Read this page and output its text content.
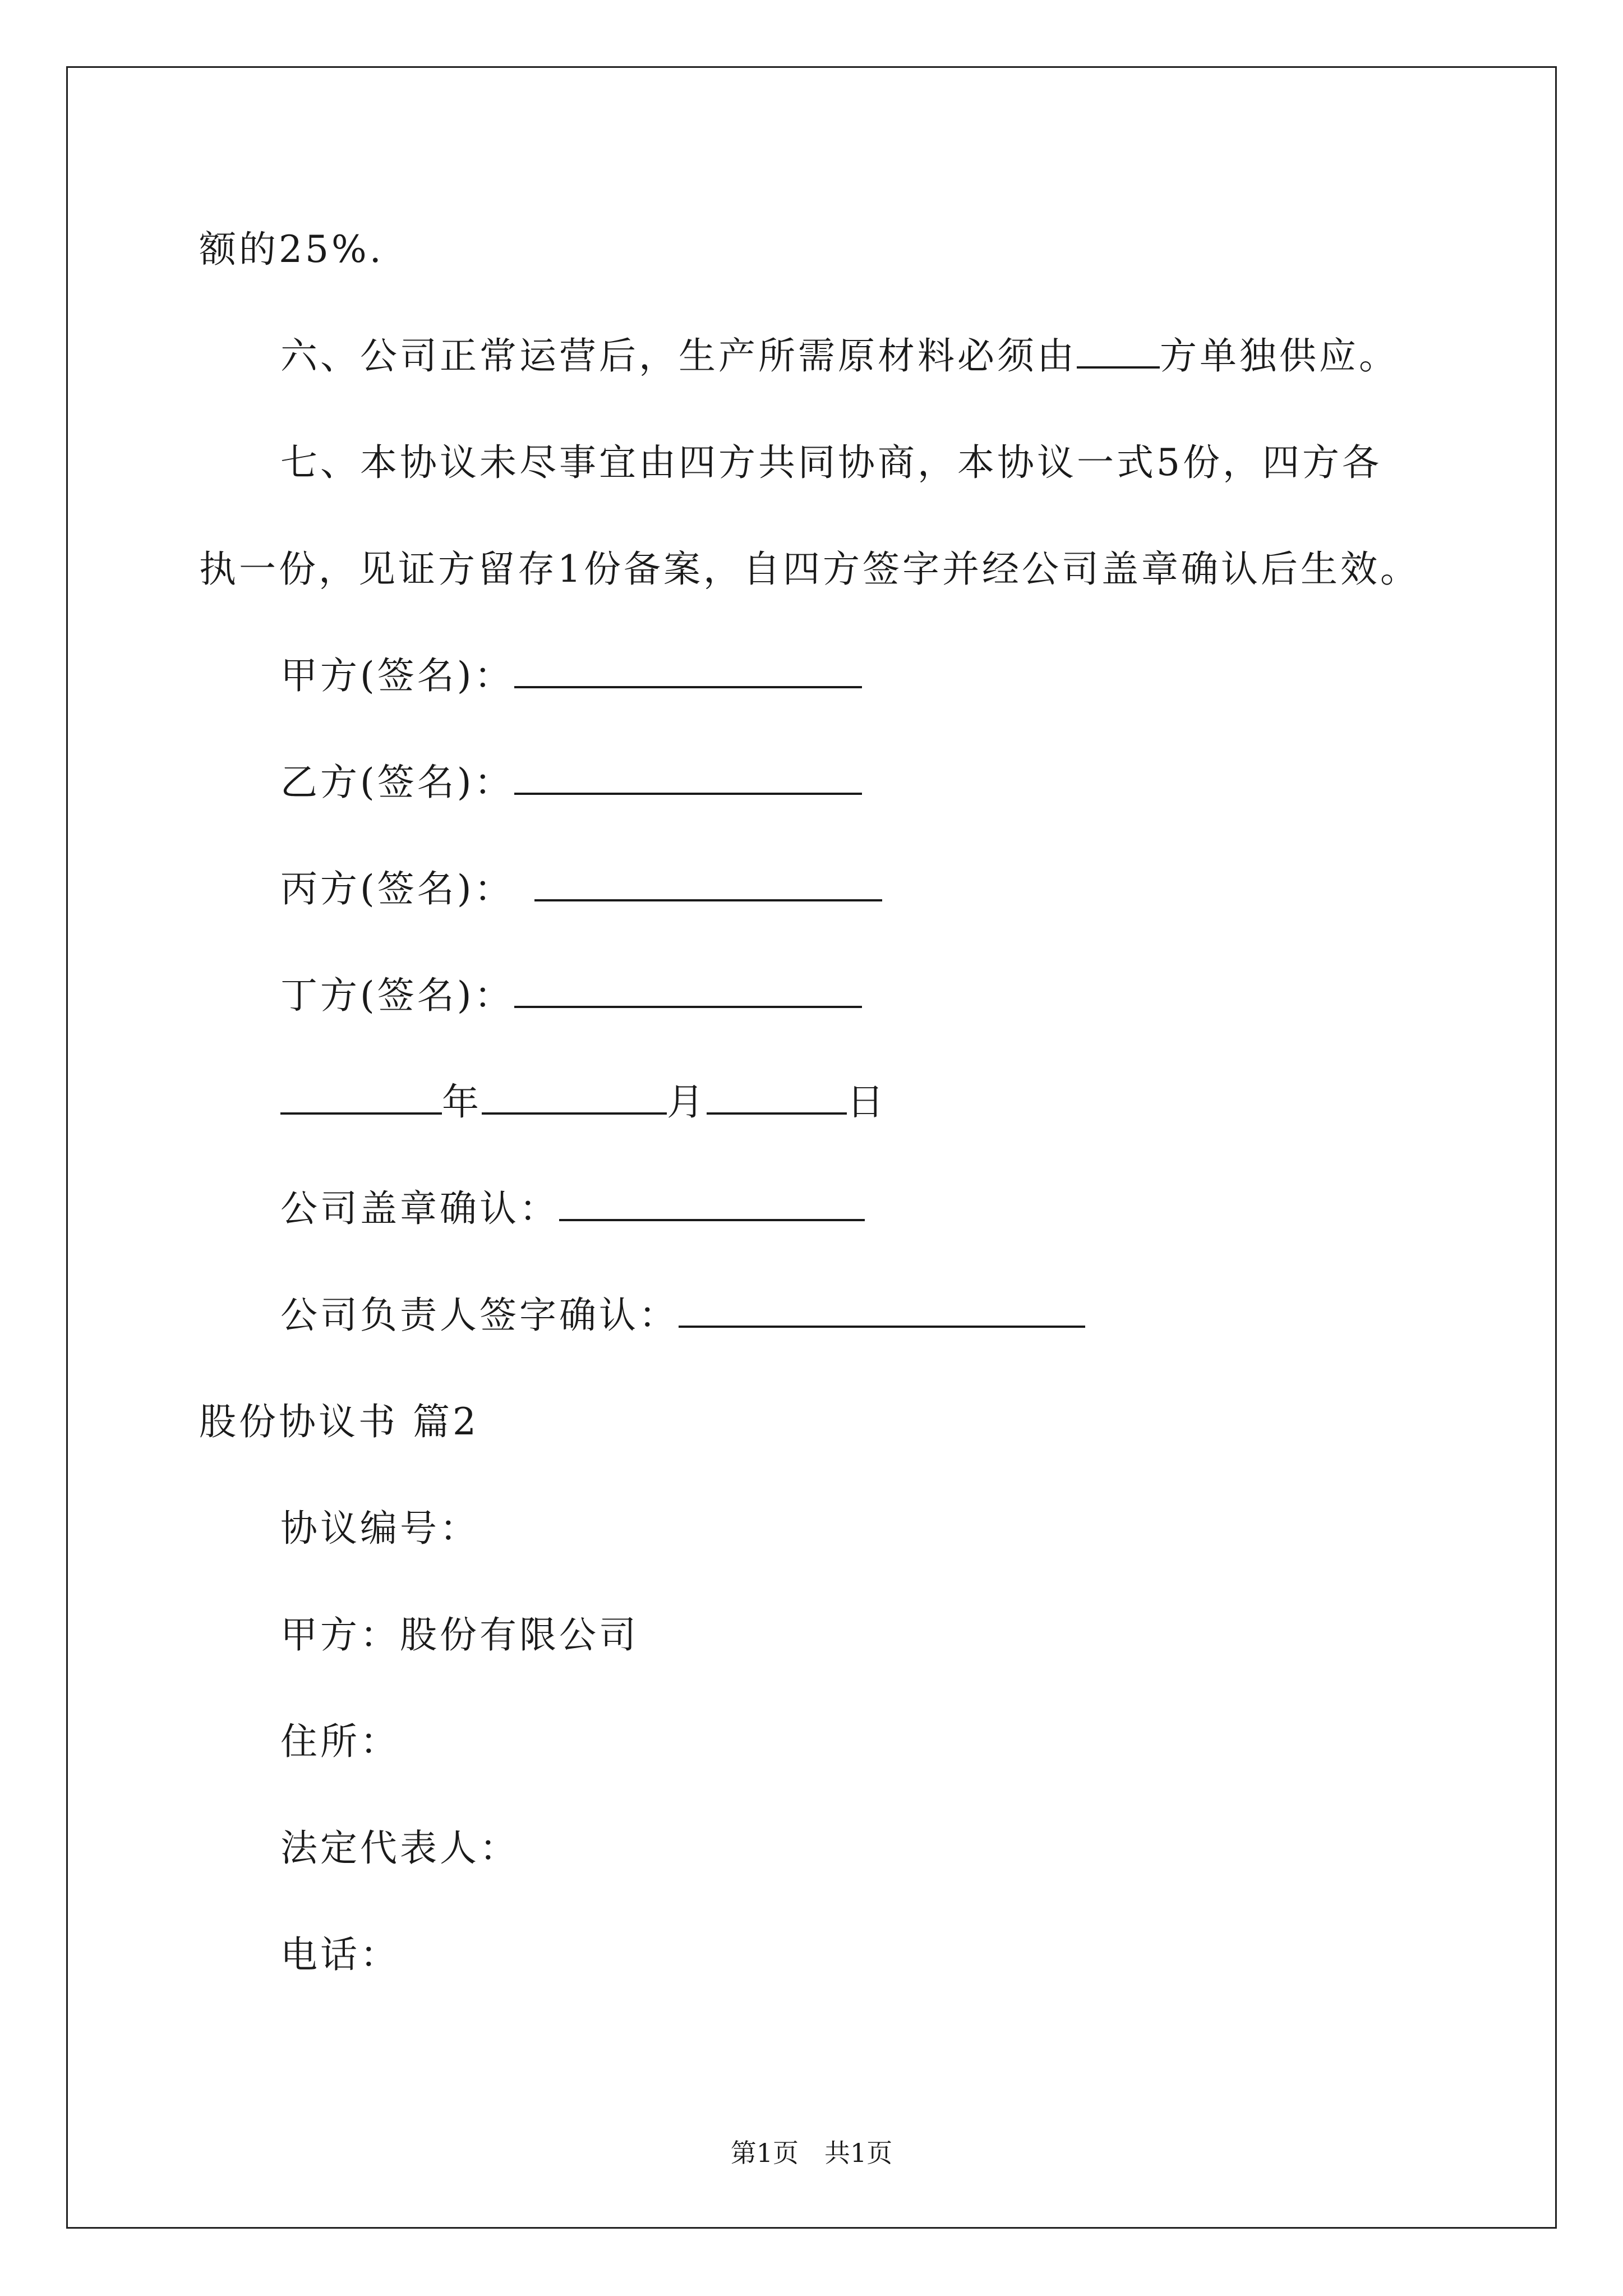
额的25%.
六、公司正常运营后，生产所需原材料必须由 方单独供应。
七、本协议未尽事宜由四方共同协商，本协议一式5份，四方各
执一份，见证方留存1份备案，自四方签字并经公司盖章确认后生效。
甲方(签名)：
乙方(签名)：
丙方(签名)：
丁方(签名)：
年	月	日
公司盖章确认：
公司负责人签字确认：
股份协议书 篇2
协议编号：
甲方：股份有限公司
住所：
法定代表人：
电话：
第1页　共1页
